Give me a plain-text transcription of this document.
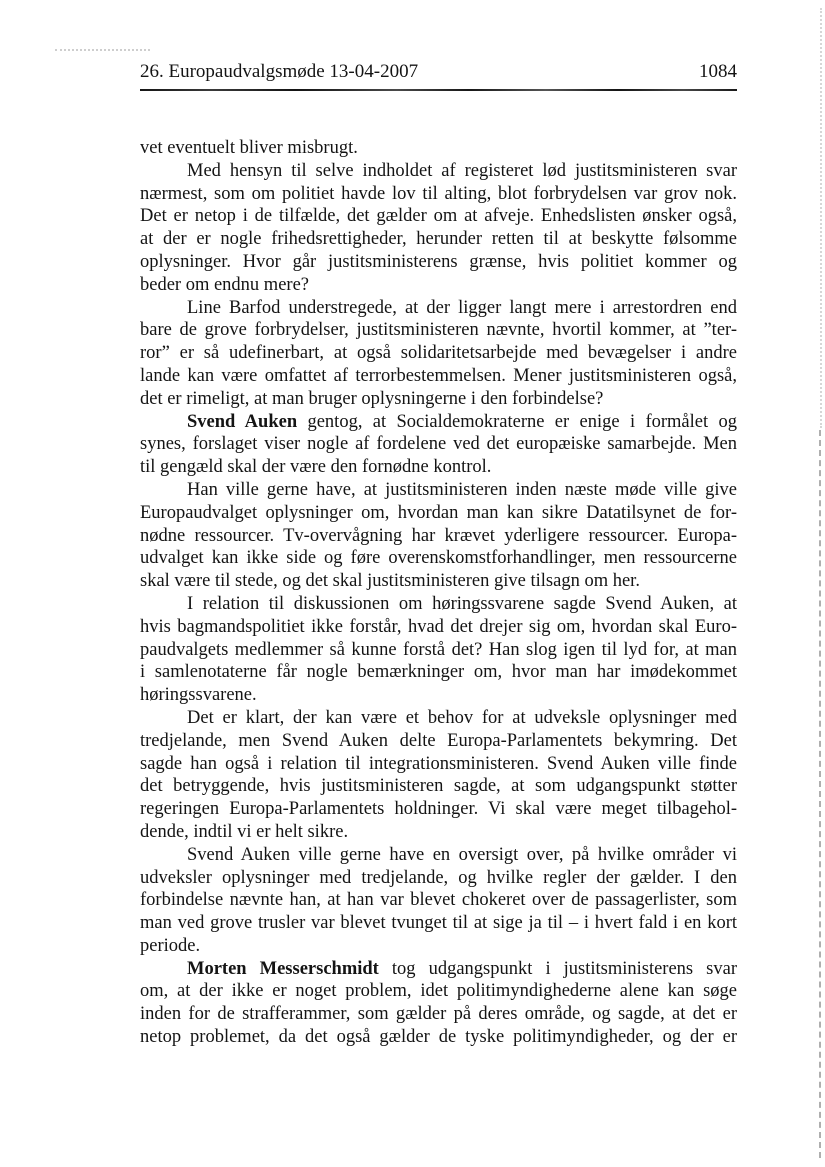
26. Europaudvalgsmøde 13-04-2007	1084
vet eventuelt bliver misbrugt.
Med hensyn til selve indholdet af registeret lød justitsministeren svar
nærmest, som om politiet havde lov til alting, blot forbrydelsen var grov nok.
Det er netop i de tilfælde, det gælder om at afveje. Enhedslisten ønsker også,
at der er nogle frihedsrettigheder, herunder retten til at beskytte følsomme
oplysninger. Hvor går justitsministerens grænse, hvis politiet kommer og
beder om endnu mere?
Line Barfod understregede, at der ligger langt mere i arrestordren end
bare de grove forbrydelser, justitsministeren nævnte, hvortil kommer, at ”ter-
ror” er så udefinerbart, at også solidaritetsarbejde med bevægelser i andre
lande kan være omfattet af terrorbestemmelsen. Mener justitsministeren også,
det er rimeligt, at man bruger oplysningerne i den forbindelse?
Svend Auken gentog, at Socialdemokraterne er enige i formålet og
synes, forslaget viser nogle af fordelene ved det europæiske samarbejde. Men
til gengæld skal der være den fornødne kontrol.
Han ville gerne have, at justitsministeren inden næste møde ville give
Europaudvalget oplysninger om, hvordan man kan sikre Datatilsynet de for-
nødne ressourcer. Tv-overvågning har krævet yderligere ressourcer. Europa-
udvalget kan ikke side og føre overenskomstforhandlinger, men ressourcerne
skal være til stede, og det skal justitsministeren give tilsagn om her.
I relation til diskussionen om høringssvarene sagde Svend Auken, at
hvis bagmandspolitiet ikke forstår, hvad det drejer sig om, hvordan skal Euro-
paudvalgets medlemmer så kunne forstå det? Han slog igen til lyd for, at man
i samlenotaterne får nogle bemærkninger om, hvor man har imødekommet
høringssvarene.
Det er klart, der kan være et behov for at udveksle oplysninger med
tredjelande, men Svend Auken delte Europa-Parlamentets bekymring. Det
sagde han også i relation til integrationsministeren. Svend Auken ville finde
det betryggende, hvis justitsministeren sagde, at som udgangspunkt støtter
regeringen Europa-Parlamentets holdninger. Vi skal være meget tilbagehol-
dende, indtil vi er helt sikre.
Svend Auken ville gerne have en oversigt over, på hvilke områder vi
udveksler oplysninger med tredjelande, og hvilke regler der gælder. I den
forbindelse nævnte han, at han var blevet chokeret over de passagerlister, som
man ved grove trusler var blevet tvunget til at sige ja til – i hvert fald i en kort
periode.
Morten Messerschmidt tog udgangspunkt i justitsministerens svar
om, at der ikke er noget problem, idet politimyndighederne alene kan søge
inden for de strafferammer, som gælder på deres område, og sagde, at det er
netop problemet, da det også gælder de tyske politimyndigheder, og der er
